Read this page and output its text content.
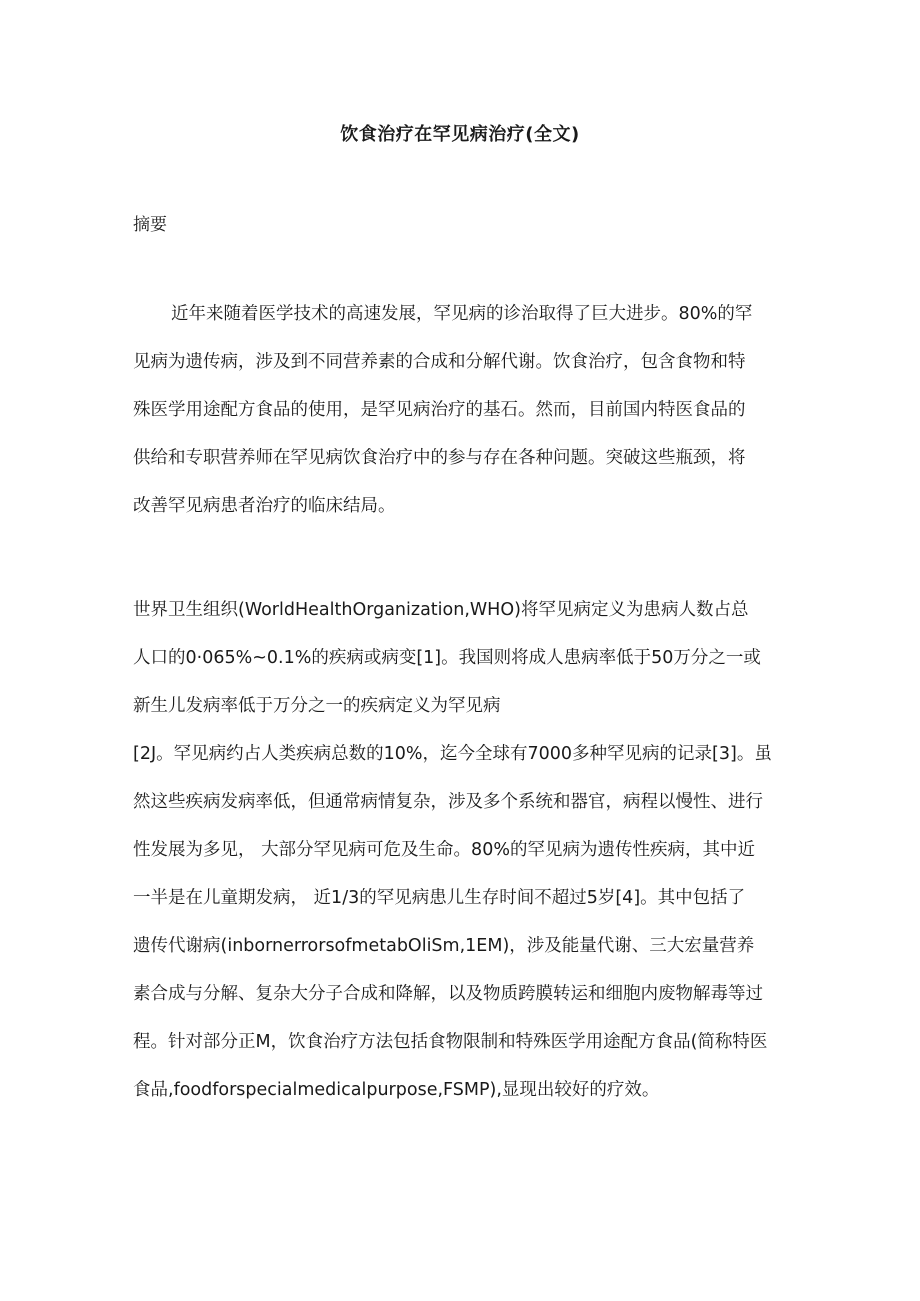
饮食治疗在罕见病治疗(全文)
摘要
近年来随着医学技术的高速发展，罕见病的诊治取得了巨大进步。80%的罕
见病为遗传病，涉及到不同营养素的合成和分解代谢。饮食治疗，包含食物和特
殊医学用途配方食品的使用，是罕见病治疗的基石。然而，目前国内特医食品的
供给和专职营养师在罕见病饮食治疗中的参与存在各种问题。突破这些瓶颈，将
改善罕见病患者治疗的临床结局。
世界卫生组织(WorldHealthOrganization,WHO)将罕见病定义为患病人数占总
人口的0·065%~0.1%的疾病或病变[1]。我国则将成人患病率低于50万分之一或
新生儿发病率低于万分之一的疾病定义为罕见病
[2J。罕见病约占人类疾病总数的10%，迄今全球有7000多种罕见病的记录[3]。虽
然这些疾病发病率低，但通常病情复杂，涉及多个系统和器官，病程以慢性、进行
性发展为多见， 大部分罕见病可危及生命。80%的罕见病为遗传性疾病，其中近
一半是在儿童期发病， 近1/3的罕见病患儿生存时间不超过5岁[4]。其中包括了
遗传代谢病(inbornerrorsofmetabOliSm,1EM)，涉及能量代谢、三大宏量营养
素合成与分解、复杂大分子合成和降解，以及物质跨膜转运和细胞内废物解毒等过
程。针对部分正M，饮食治疗方法包括食物限制和特殊医学用途配方食品(简称特医
食品,foodforspecialmedicalpurpose,FSMP),显现出较好的疗效。
